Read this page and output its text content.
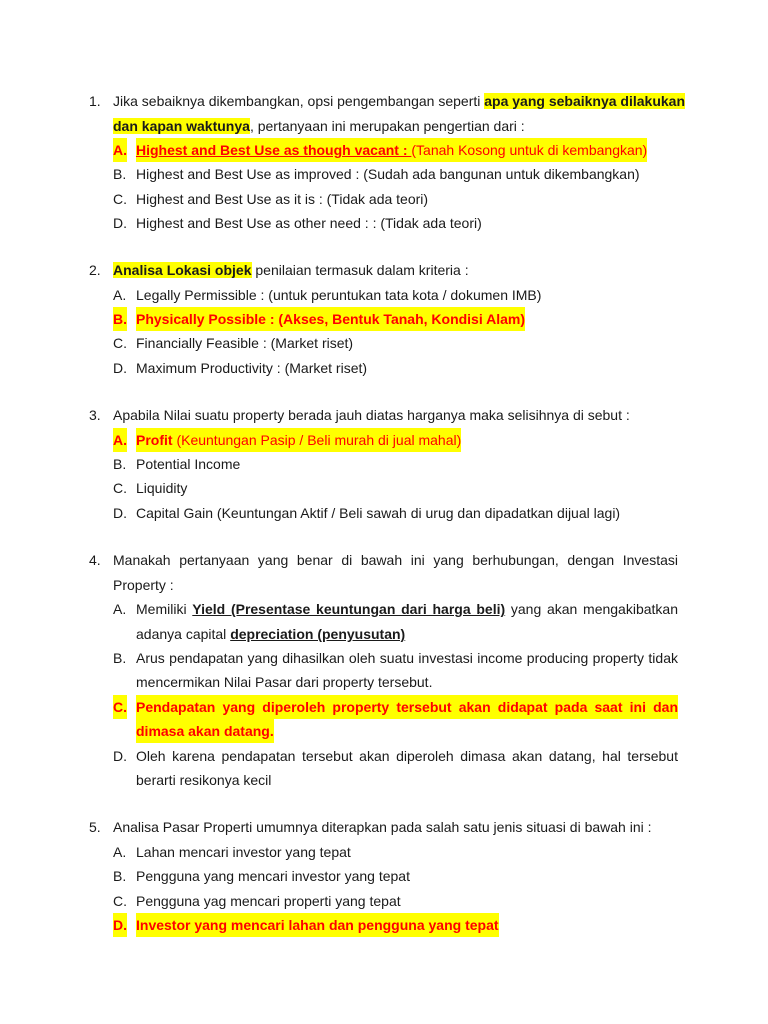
1. Jika sebaiknya dikembangkan, opsi pengembangan seperti apa yang sebaiknya dilakukan
dan kapan waktunya, pertanyaan ini merupakan pengertian dari :
A. Highest and Best Use as though vacant : (Tanah Kosong untuk di kembangkan)
B. Highest and Best Use as improved : (Sudah ada bangunan untuk dikembangkan)
C. Highest and Best Use as it is : (Tidak ada teori)
D. Highest and Best Use as other need : : (Tidak ada teori)
2. Analisa Lokasi objek penilaian termasuk dalam kriteria :
A. Legally Permissible : (untuk peruntukan tata kota / dokumen IMB)
B. Physically Possible : (Akses, Bentuk Tanah, Kondisi Alam)
C. Financially Feasible : (Market riset)
D. Maximum Productivity : (Market riset)
3. Apabila Nilai suatu property berada jauh diatas harganya maka selisihnya di sebut :
A. Profit (Keuntungan Pasip / Beli murah di jual mahal)
B. Potential Income
C. Liquidity
D. Capital Gain (Keuntungan Aktif / Beli sawah di urug dan dipadatkan dijual lagi)
4. Manakah pertanyaan yang benar di bawah ini yang berhubungan, dengan Investasi
Property :
A. Memiliki Yield (Presentase keuntungan dari harga beli) yang akan mengakibatkan
adanya capital depreciation (penyusutan)
B. Arus pendapatan yang dihasilkan oleh suatu investasi income producing property tidak
mencermikan Nilai Pasar dari property tersebut.
C. Pendapatan yang diperoleh property tersebut akan didapat pada saat ini dan
dimasa akan datang.
D. Oleh karena pendapatan tersebut akan diperoleh dimasa akan datang, hal tersebut
berarti resikonya kecil
5. Analisa Pasar Properti umumnya diterapkan pada salah satu jenis situasi di bawah ini :
A. Lahan mencari investor yang tepat
B. Pengguna yang mencari investor yang tepat
C. Pengguna yag mencari properti yang tepat
D. Investor yang mencari lahan dan pengguna yang tepat
